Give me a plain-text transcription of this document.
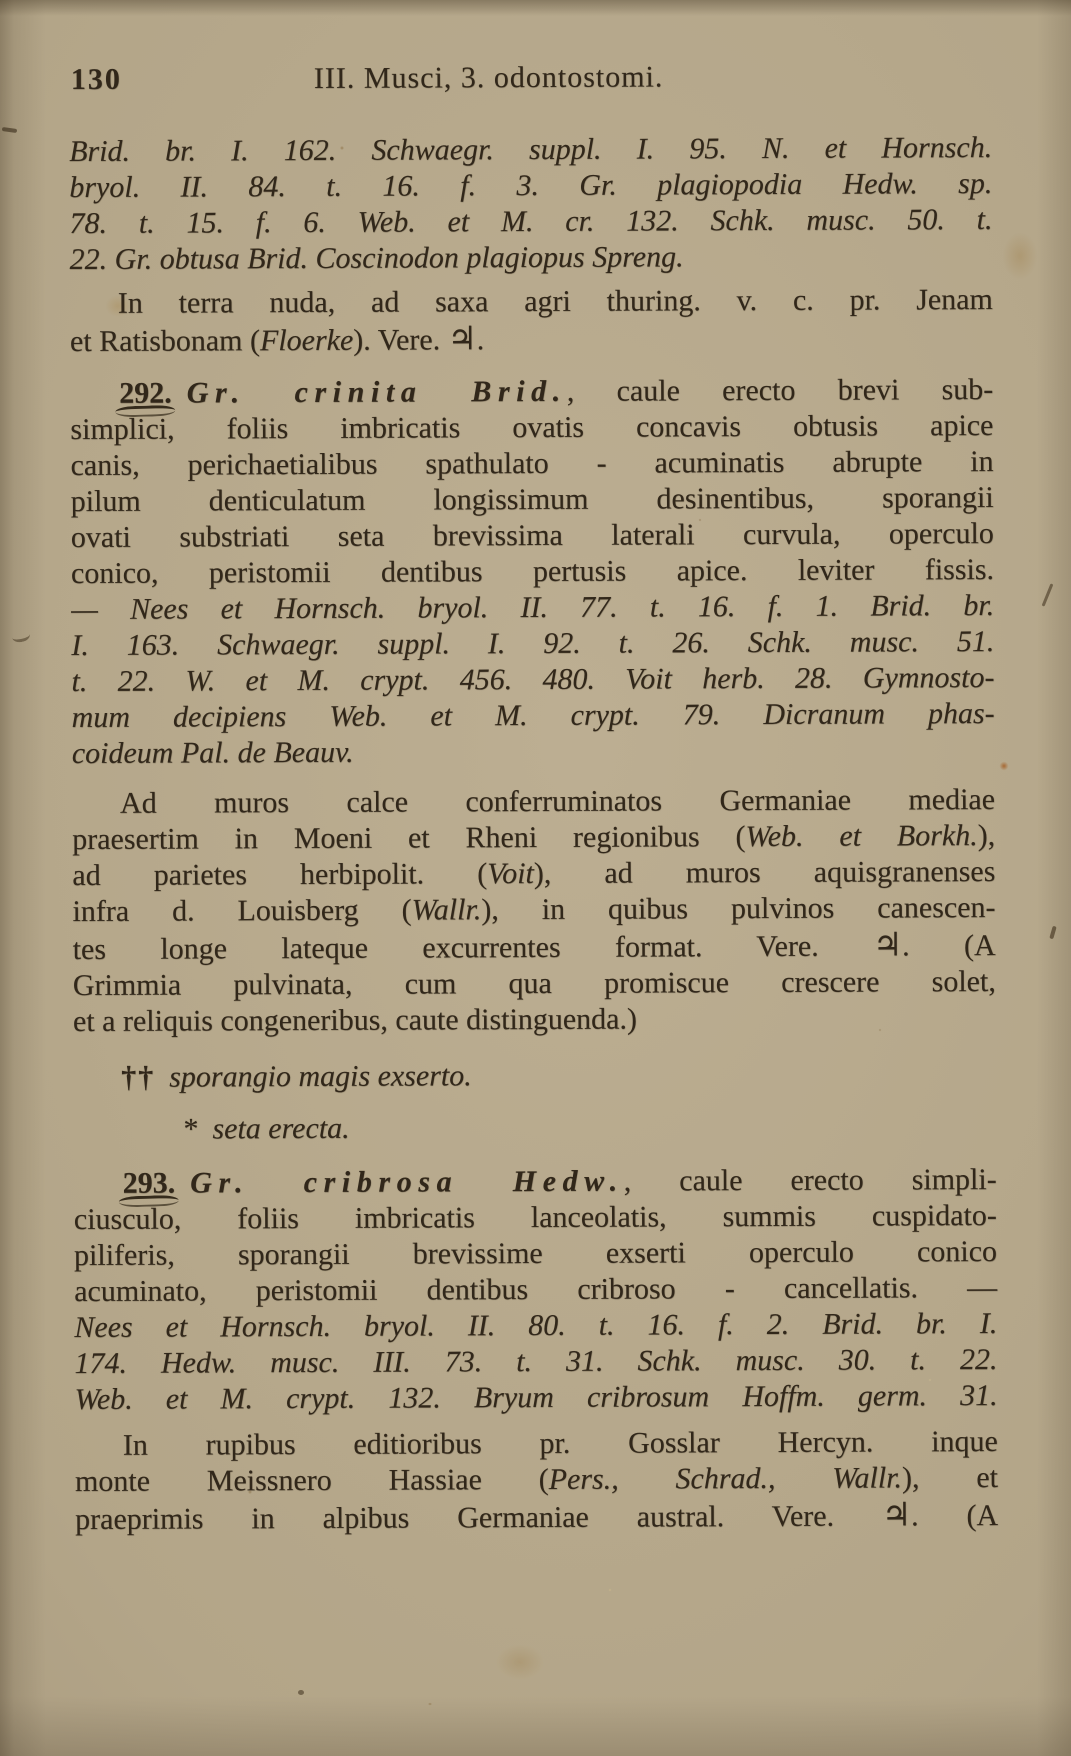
130	III. Musci, 3. odontostomi.

Brid. br. I. 162. Schwaegr. suppl. I. 95. N. et Hornsch.
bryol. II. 84. t. 16. f. 3. Gr. plagiopodia Hedw. sp.
78. t. 15. f. 6. Web. et M. cr. 132. Schk. musc. 50. t.
22. Gr. obtusa Brid. Coscinodon plagiopus Spreng.

In terra nuda, ad saxa agri thuring. v. c. pr. Jenam
et Ratisbonam (Floerke). Vere. ♃.

292. Gr. crinita Brid., caule erecto brevi sub-
simplici, foliis imbricatis ovatis concavis obtusis apice
canis, perichaetialibus spathulato - acuminatis abrupte in
pilum denticulatum longissimum desinentibus, sporangii
ovati substriati seta brevissima laterali curvula, operculo
conico, peristomii dentibus pertusis apice. leviter fissis.
— Nees et Hornsch. bryol. II. 77. t. 16. f. 1. Brid. br.
I. 163. Schwaegr. suppl. I. 92. t. 26. Schk. musc. 51.
t. 22. W. et M. crypt. 456. 480. Voit herb. 28. Gymnosto-
mum decipiens Web. et M. crypt. 79. Dicranum phas-
coideum Pal. de Beauv.

Ad muros calce conferruminatos Germaniae mediae
praesertim in Moeni et Rheni regionibus (Web. et Borkh.),
ad parietes herbipolit. (Voit), ad muros aquisgranenses
infra d. Louisberg (Wallr.), in quibus pulvinos canescen-
tes longe lateque excurrentes format. Vere. ♃. (A
Grimmia pulvinata, cum qua promiscue crescere solet,
et a reliquis congeneribus, caute distinguenda.)

†† sporangio magis exserto.

* seta erecta.

293. Gr. cribrosa Hedw., caule erecto simpli-
ciusculo, foliis imbricatis lanceolatis, summis cuspidato-
piliferis, sporangii brevissime exserti operculo conico
acuminato, peristomii dentibus cribroso - cancellatis. —
Nees et Hornsch. bryol. II. 80. t. 16. f. 2. Brid. br. I.
174. Hedw. musc. III. 73. t. 31. Schk. musc. 30. t. 22.
Web. et M. crypt. 132. Bryum cribrosum Hoffm. germ. 31.

In rupibus editioribus pr. Gosslar Hercyn. inque
monte Meissnero Hassiae (Pers., Schrad., Wallr.), et
praeprimis in alpibus Germaniae austral. Vere. ♃. (A
